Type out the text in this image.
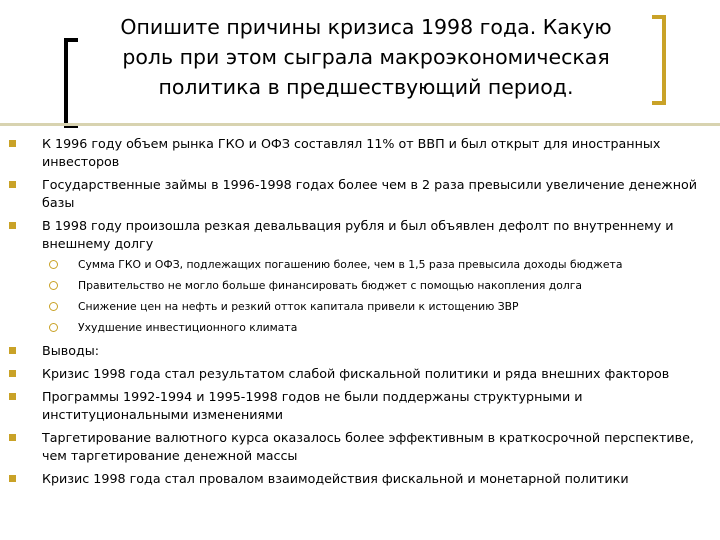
Опишите причины кризиса 1998 года. Какую роль при этом сыграла макроэкономическая политика в предшествующий период.
К 1996 году объем рынка ГКО и ОФЗ составлял 11% от ВВП и был открыт для иностранных инвесторов
Государственные займы в 1996-1998 годах более чем в 2 раза превысили увеличение денежной базы
В 1998 году произошла резкая девальвация рубля и был объявлен дефолт по внутреннему и внешнему долгу
Сумма ГКО и ОФЗ, подлежащих погашению более, чем в 1,5 раза превысила доходы бюджета
Правительство не могло больше финансировать бюджет с помощью накопления долга
Снижение цен на нефть и резкий отток капитала привели к истощению ЗВР
Ухудшение инвестиционного климата
Выводы:
Кризис 1998 года стал результатом слабой фискальной политики и ряда внешних факторов
Программы 1992-1994 и 1995-1998 годов не были поддержаны структурными и институциональными изменениями
Таргетирование валютного курса оказалось более эффективным в краткосрочной перспективе, чем таргетирование денежной массы
Кризис 1998 года стал провалом взаимодействия фискальной и монетарной политики
